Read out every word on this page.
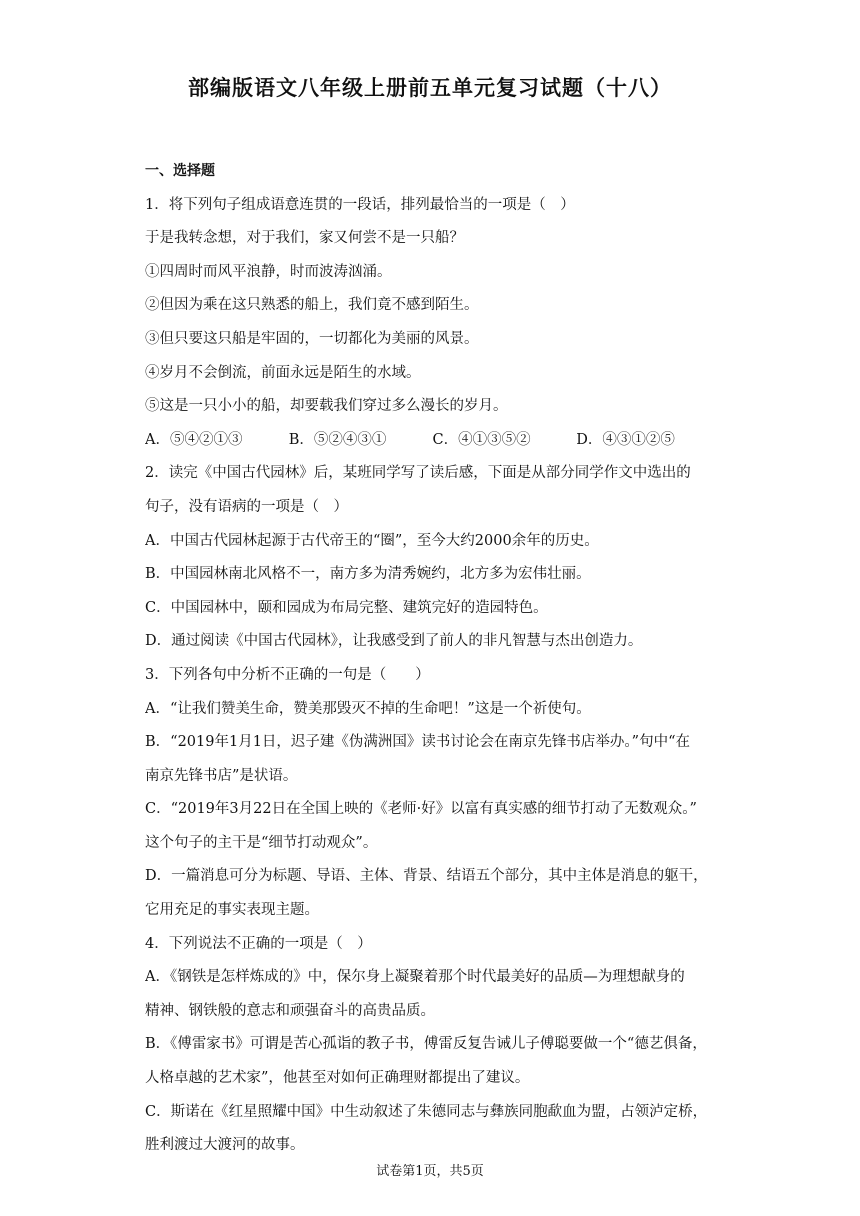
部编版语文八年级上册前五单元复习试题（十八）
一、选择题
1．将下列句子组成语意连贯的一段话，排列最恰当的一项是（　）
于是我转念想，对于我们，家又何尝不是一只船？
①四周时而风平浪静，时而波涛汹涌。
②但因为乘在这只熟悉的船上，我们竟不感到陌生。
③但只要这只船是牢固的，一切都化为美丽的风景。
④岁月不会倒流，前面永远是陌生的水域。
⑤这是一只小小的船，却要载我们穿过多么漫长的岁月。
A．⑤④②①③	B．⑤②④③①	C．④①③⑤②	D．④③①②⑤
2．读完《中国古代园林》后，某班同学写了读后感，下面是从部分同学作文中选出的
句子，没有语病的一项是（　）
A．中国古代园林起源于古代帝王的“圈”，至今大约2000余年的历史。
B．中国园林南北风格不一，南方多为清秀婉约，北方多为宏伟壮丽。
C．中国园林中，颐和园成为布局完整、建筑完好的造园特色。
D．通过阅读《中国古代园林》，让我感受到了前人的非凡智慧与杰出创造力。
3．下列各句中分析不正确的一句是（　　）
A．“让我们赞美生命，赞美那毁灭不掉的生命吧！”这是一个祈使句。
B．“2019年1月1日，迟子建《伪满洲国》读书讨论会在南京先锋书店举办。”句中“在
南京先锋书店”是状语。
C．“2019年3月22日在全国上映的《老师·好》以富有真实感的细节打动了无数观众。”
这个句子的主干是“细节打动观众”。
D．一篇消息可分为标题、导语、主体、背景、结语五个部分，其中主体是消息的躯干，
它用充足的事实表现主题。
4．下列说法不正确的一项是（　）
A．《钢铁是怎样炼成的》中，保尔身上凝聚着那个时代最美好的品质—为理想献身的
精神、钢铁般的意志和顽强奋斗的高贵品质。
B．《傅雷家书》可谓是苦心孤诣的教子书，傅雷反复告诫儿子傅聪要做一个“德艺俱备，
人格卓越的艺术家”，他甚至对如何正确理财都提出了建议。
C．斯诺在《红星照耀中国》中生动叙述了朱德同志与彝族同胞歃血为盟，占领泸定桥，
胜利渡过大渡河的故事。
试卷第1页，共5页
